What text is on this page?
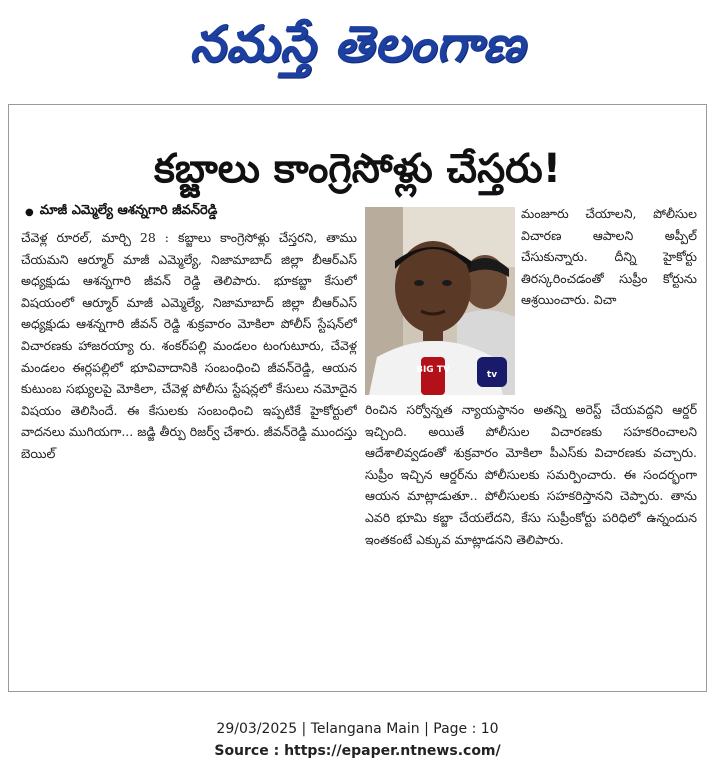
నమస్తే తెలంగాణ
కబ్జాలు కాంగ్రెసోళ్లు చేస్తరు!
● మాజీ ఎమ్మెల్యే ఆశన్నగారి జీవన్‌రెడ్డి
చేవెళ్ల రూరల్‌, మార్చి 28 : కబ్జాలు కాంగ్రెసోళ్లు చేస్తరని, తాము చేయమని ఆర్మూర్‌ మాజీ ఎమ్మెల్యే, నిజామాబాద్‌ జిల్లా బీఆర్‌ఎస్‌ అధ్యక్షుడు ఆశన్నగారి జీవన్‌ రెడ్డి తెలిపారు. భూకబ్జా కేసులో విషయంలో ఆర్మూర్‌ మాజీ ఎమ్మెల్యే, నిజామాబాద్‌ జిల్లా బీఆర్‌ఎస్‌ అధ్యక్షుడు ఆశన్నగారి జీవన్‌ రెడ్డి శుక్రవారం మోకిలా పోలీస్‌ స్టేషన్‌లో విచారణకు హాజరయ్యా రు. శంకర్‌పల్లి మండలం టంగుటూరు, చేవెళ్ల మండలం ఈర్లపల్లిలో భూవివాదానికి సంబంధించి జీవన్‌రెడ్డి, ఆయన కుటుంబ సభ్యులపై మోకిలా, చేవెళ్ల పోలీసు స్టేషన్లలో కేసులు నమోదైన విషయం తెలిసిందే. ఈ కేసులకు సంబంధించి ఇప్పటికే హైకోర్టులో వాదనలు ముగియగా... జడ్జి తీర్పు రిజర్వ్‌ చేశారు. జీవన్‌రెడ్డి ముందస్తు బెయిల్‌
BIG TV	tv
మంజూరు చేయాలని, పోలీసుల విచారణ ఆపాలని అప్పీల్‌ చేసుకున్నారు. దీన్ని హైకోర్టు తిరస్కరించడంతో సుప్రీం కోర్టును ఆశ్రయించారు. విచా
రించిన సర్వోన్నత న్యాయస్థానం అతన్ని అరెస్ట్‌ చేయవద్దని ఆర్డర్‌ ఇచ్చింది. అయితే పోలీసుల విచారణకు సహకరించాలని ఆదేశాలివ్వడంతో శుక్రవారం మోకిలా పీఎస్‌కు విచారణకు వచ్చారు. సుప్రీం ఇచ్చిన ఆర్డర్‌ను పోలీసులకు సమర్పించారు. ఈ సందర్భంగా ఆయన మాట్లాడుతూ.. పోలీసులకు సహకరిస్తానని చెప్పారు. తాను ఎవరి భూమి కబ్జా చేయలేదని, కేసు సుప్రీంకోర్టు పరిధిలో ఉన్నందున ఇంతకంటే ఎక్కువ మాట్లాడనని తెలిపారు.
29/03/2025 | Telangana Main | Page : 10
Source : https://epaper.ntnews.com/
